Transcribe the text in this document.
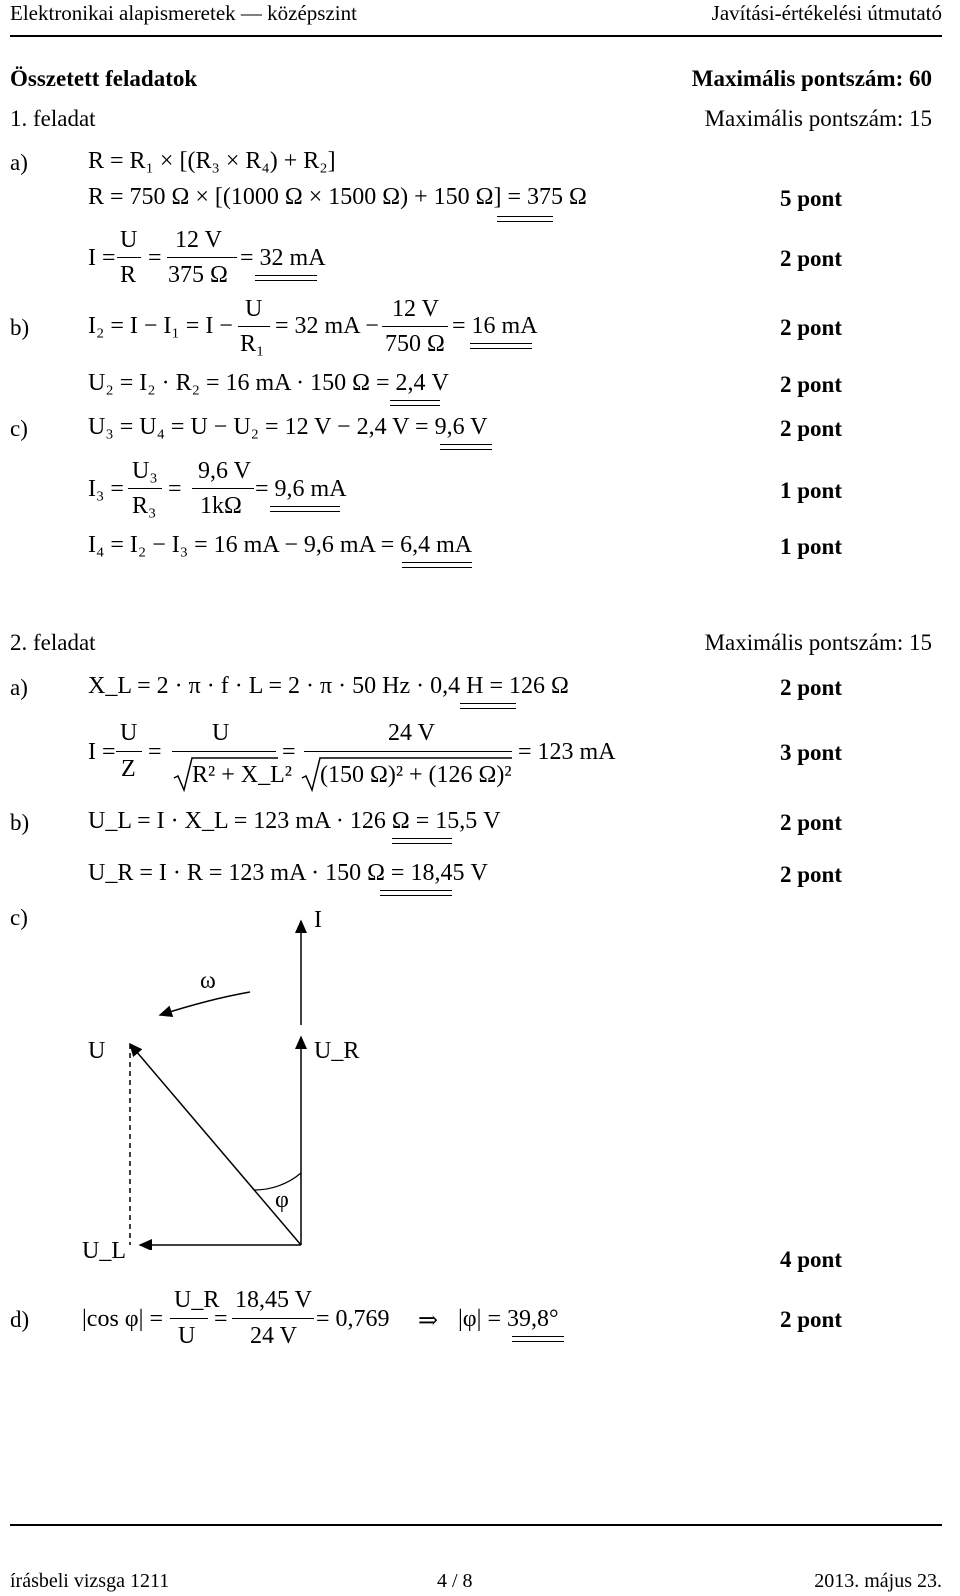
Elektronikai alapismeretek — középszint	Javítási-értékelési útmutató
Összetett feladatok	Maximális pontszám: 60
1. feladat	Maximális pontszám: 15
a)	R = R₁ × [(R₃ × R₄) + R₂]
R = 750 Ω × [(1000 Ω × 1500 Ω) + 150 Ω] = 375 Ω	5 pont
I =
U
R
=
12 V
375 Ω
= 32 mA	2 pont
b) I₂ = I − I₁ = I −
U
R₁
= 32 mA −
12 V
750 Ω
= 16 mA	2 pont
U₂ = I₂ · R₂ = 16 mA · 150 Ω = 2,4 V	2 pont
c)	U₃ = U₄ = U − U₂ = 12 V − 2,4 V = 9,6 V	2 pont
I₃ =
U₃
R₃
=
9,6 V
1kΩ
= 9,6 mA	1 pont
I₄ = I₂ − I₃ = 16 mA − 9,6 mA = 6,4 mA	1 pont
2. feladat	Maximális pontszám: 15
a)	X_L = 2 · π · f · L = 2 · π · 50 Hz · 0,4 H = 126 Ω	2 pont
I =
U
Z
=
U
R² + X_L²
=
24 V
(150 Ω)² + (126 Ω)²
= 123 mA	3 pont
b) U_L = I · X_L = 123 mA · 126 Ω = 15,5 V	2 pont
U_R = I · R = 123 mA · 150 Ω = 18,45 V	2 pont
c)	I
ω
U	U_R
φ
U_L	4 pont
d) |cos φ| =
U_R
U
=
18,45 V
24 V
= 0,769 ⇒ |φ| = 39,8°	2 pont
írásbeli vizsga 1211	4 / 8	2013. május 23.
